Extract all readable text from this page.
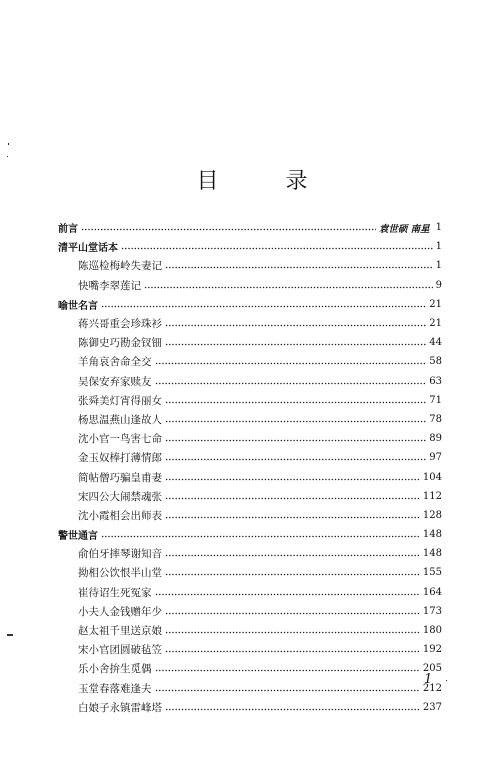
目 录
前言	袁世硕 南星 1
清平山堂话本	1
陈巡检梅岭失妻记	1
快嘴李翠莲记	9
喻世名言	21
蒋兴哥重会珍珠衫	21
陈御史巧勘金钗钿	44
羊角哀舍命全交	58
吴保安弃家赎友	63
张舜美灯宵得丽女	71
杨思温燕山逢故人	78
沈小官一鸟害七命	89
金玉奴棒打薄情郎	97
简帖僧巧骗皇甫妻	104
宋四公大闹禁魂张	112
沈小霞相会出师表	128
警世通言	148
俞伯牙摔琴谢知音	148
拗相公饮恨半山堂	155
崔待诏生死冤家	164
小夫人金钱赠年少	173
赵太祖千里送京娘	180
宋小官团圆破毡笠	192
乐小舍拚生觅偶	205
玉堂春落难逢夫	212
白娘子永镇雷峰塔	237
1
